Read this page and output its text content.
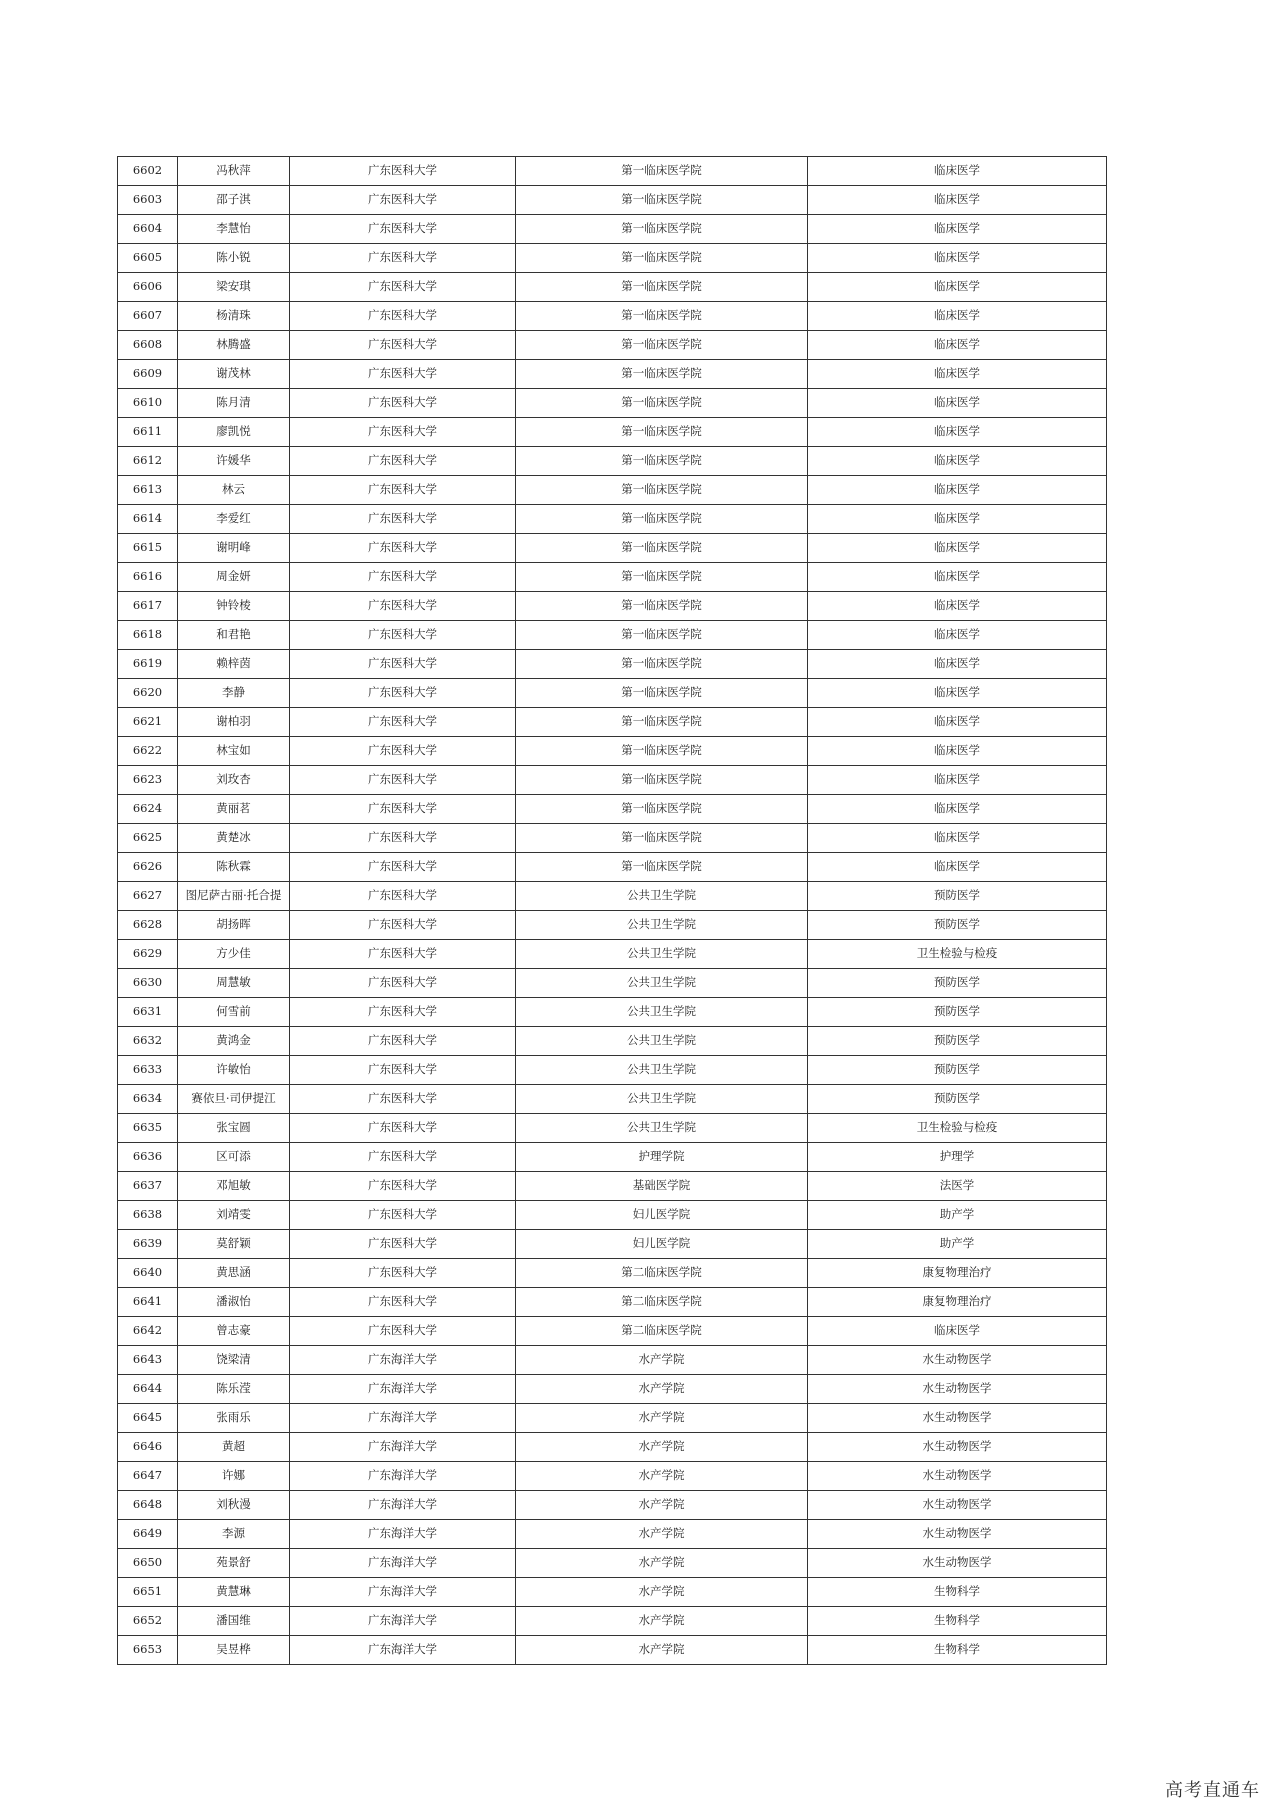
6602	冯秋萍	广东医科大学	第一临床医学院	临床医学
6603	邵子淇	广东医科大学	第一临床医学院	临床医学
6604	李慧怡	广东医科大学	第一临床医学院	临床医学
6605	陈小锐	广东医科大学	第一临床医学院	临床医学
6606	梁安琪	广东医科大学	第一临床医学院	临床医学
6607	杨清珠	广东医科大学	第一临床医学院	临床医学
6608	林腾盛	广东医科大学	第一临床医学院	临床医学
6609	谢茂林	广东医科大学	第一临床医学院	临床医学
6610	陈月清	广东医科大学	第一临床医学院	临床医学
6611	廖凯悦	广东医科大学	第一临床医学院	临床医学
6612	许媛华	广东医科大学	第一临床医学院	临床医学
6613	林云	广东医科大学	第一临床医学院	临床医学
6614	李爱红	广东医科大学	第一临床医学院	临床医学
6615	谢明峰	广东医科大学	第一临床医学院	临床医学
6616	周金妍	广东医科大学	第一临床医学院	临床医学
6617	钟铃棱	广东医科大学	第一临床医学院	临床医学
6618	和君艳	广东医科大学	第一临床医学院	临床医学
6619	赖梓茵	广东医科大学	第一临床医学院	临床医学
6620	李静	广东医科大学	第一临床医学院	临床医学
6621	谢柏羽	广东医科大学	第一临床医学院	临床医学
6622	林宝如	广东医科大学	第一临床医学院	临床医学
6623	刘玫杏	广东医科大学	第一临床医学院	临床医学
6624	黄丽茗	广东医科大学	第一临床医学院	临床医学
6625	黄楚冰	广东医科大学	第一临床医学院	临床医学
6626	陈秋霖	广东医科大学	第一临床医学院	临床医学
6627	图尼萨古丽·托合提	广东医科大学	公共卫生学院	预防医学
6628	胡扬晖	广东医科大学	公共卫生学院	预防医学
6629	方少佳	广东医科大学	公共卫生学院	卫生检验与检疫
6630	周慧敏	广东医科大学	公共卫生学院	预防医学
6631	何雪前	广东医科大学	公共卫生学院	预防医学
6632	黄鸿金	广东医科大学	公共卫生学院	预防医学
6633	许敏怡	广东医科大学	公共卫生学院	预防医学
6634	赛依旦·司伊提江	广东医科大学	公共卫生学院	预防医学
6635	张宝圆	广东医科大学	公共卫生学院	卫生检验与检疫
6636	区可添	广东医科大学	护理学院	护理学
6637	邓旭敏	广东医科大学	基础医学院	法医学
6638	刘靖雯	广东医科大学	妇儿医学院	助产学
6639	莫舒颖	广东医科大学	妇儿医学院	助产学
6640	黄思涵	广东医科大学	第二临床医学院	康复物理治疗
6641	潘淑怡	广东医科大学	第二临床医学院	康复物理治疗
6642	曾志豪	广东医科大学	第二临床医学院	临床医学
6643	饶梁清	广东海洋大学	水产学院	水生动物医学
6644	陈乐滢	广东海洋大学	水产学院	水生动物医学
6645	张雨乐	广东海洋大学	水产学院	水生动物医学
6646	黄超	广东海洋大学	水产学院	水生动物医学
6647	许娜	广东海洋大学	水产学院	水生动物医学
6648	刘秋漫	广东海洋大学	水产学院	水生动物医学
6649	李源	广东海洋大学	水产学院	水生动物医学
6650	苑景舒	广东海洋大学	水产学院	水生动物医学
6651	黄慧琳	广东海洋大学	水产学院	生物科学
6652	潘国维	广东海洋大学	水产学院	生物科学
6653	吴昱桦	广东海洋大学	水产学院	生物科学
高考直通车
